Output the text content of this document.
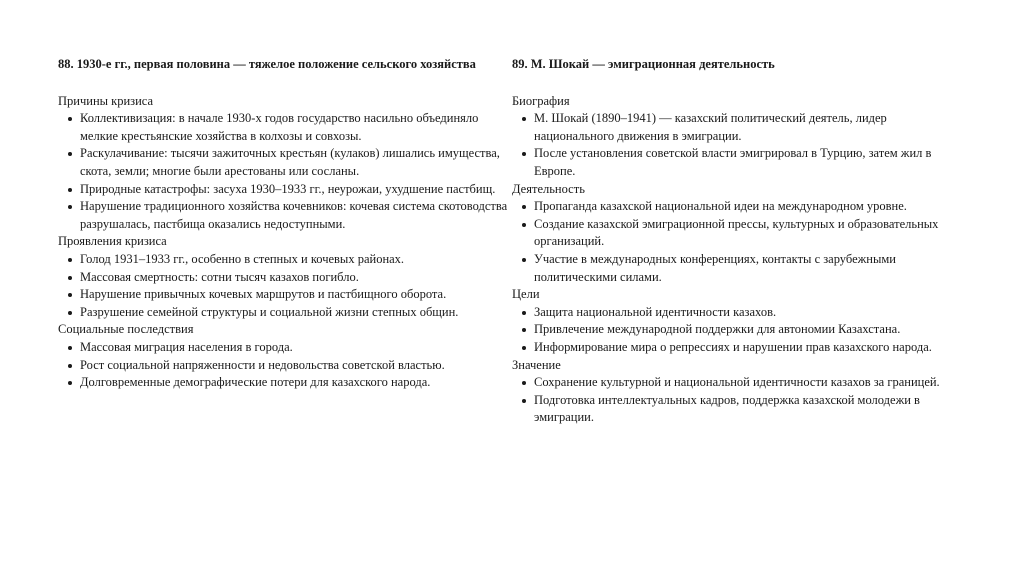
88. 1930-е гг., первая половина — тяжелое положение сельского хозяйства
Причины кризиса
Коллективизация: в начале 1930-х годов государство насильно объединяло мелкие крестьянские хозяйства в колхозы и совхозы.
Раскулачивание: тысячи зажиточных крестьян (кулаков) лишались имущества, скота, земли; многие были арестованы или сосланы.
Природные катастрофы: засуха 1930–1933 гг., неурожаи, ухудшение пастбищ.
Нарушение традиционного хозяйства кочевников: кочевая система скотоводства разрушалась, пастбища оказались недоступными.
Проявления кризиса
Голод 1931–1933 гг., особенно в степных и кочевых районах.
Массовая смертность: сотни тысяч казахов погибло.
Нарушение привычных кочевых маршрутов и пастбищного оборота.
Разрушение семейной структуры и социальной жизни степных общин.
Социальные последствия
Массовая миграция населения в города.
Рост социальной напряженности и недовольства советской властью.
Долговременные демографические потери для казахского народа.
89. М. Шокай — эмиграционная деятельность
Биография
М. Шокай (1890–1941) — казахский политический деятель, лидер национального движения в эмиграции.
После установления советской власти эмигрировал в Турцию, затем жил в Европе.
Деятельность
Пропаганда казахской национальной идеи на международном уровне.
Создание казахской эмиграционной прессы, культурных и образовательных организаций.
Участие в международных конференциях, контакты с зарубежными политическими силами.
Цели
Защита национальной идентичности казахов.
Привлечение международной поддержки для автономии Казахстана.
Информирование мира о репрессиях и нарушении прав казахского народа.
Значение
Сохранение культурной и национальной идентичности казахов за границей.
Подготовка интеллектуальных кадров, поддержка казахской молодежи в эмиграции.
